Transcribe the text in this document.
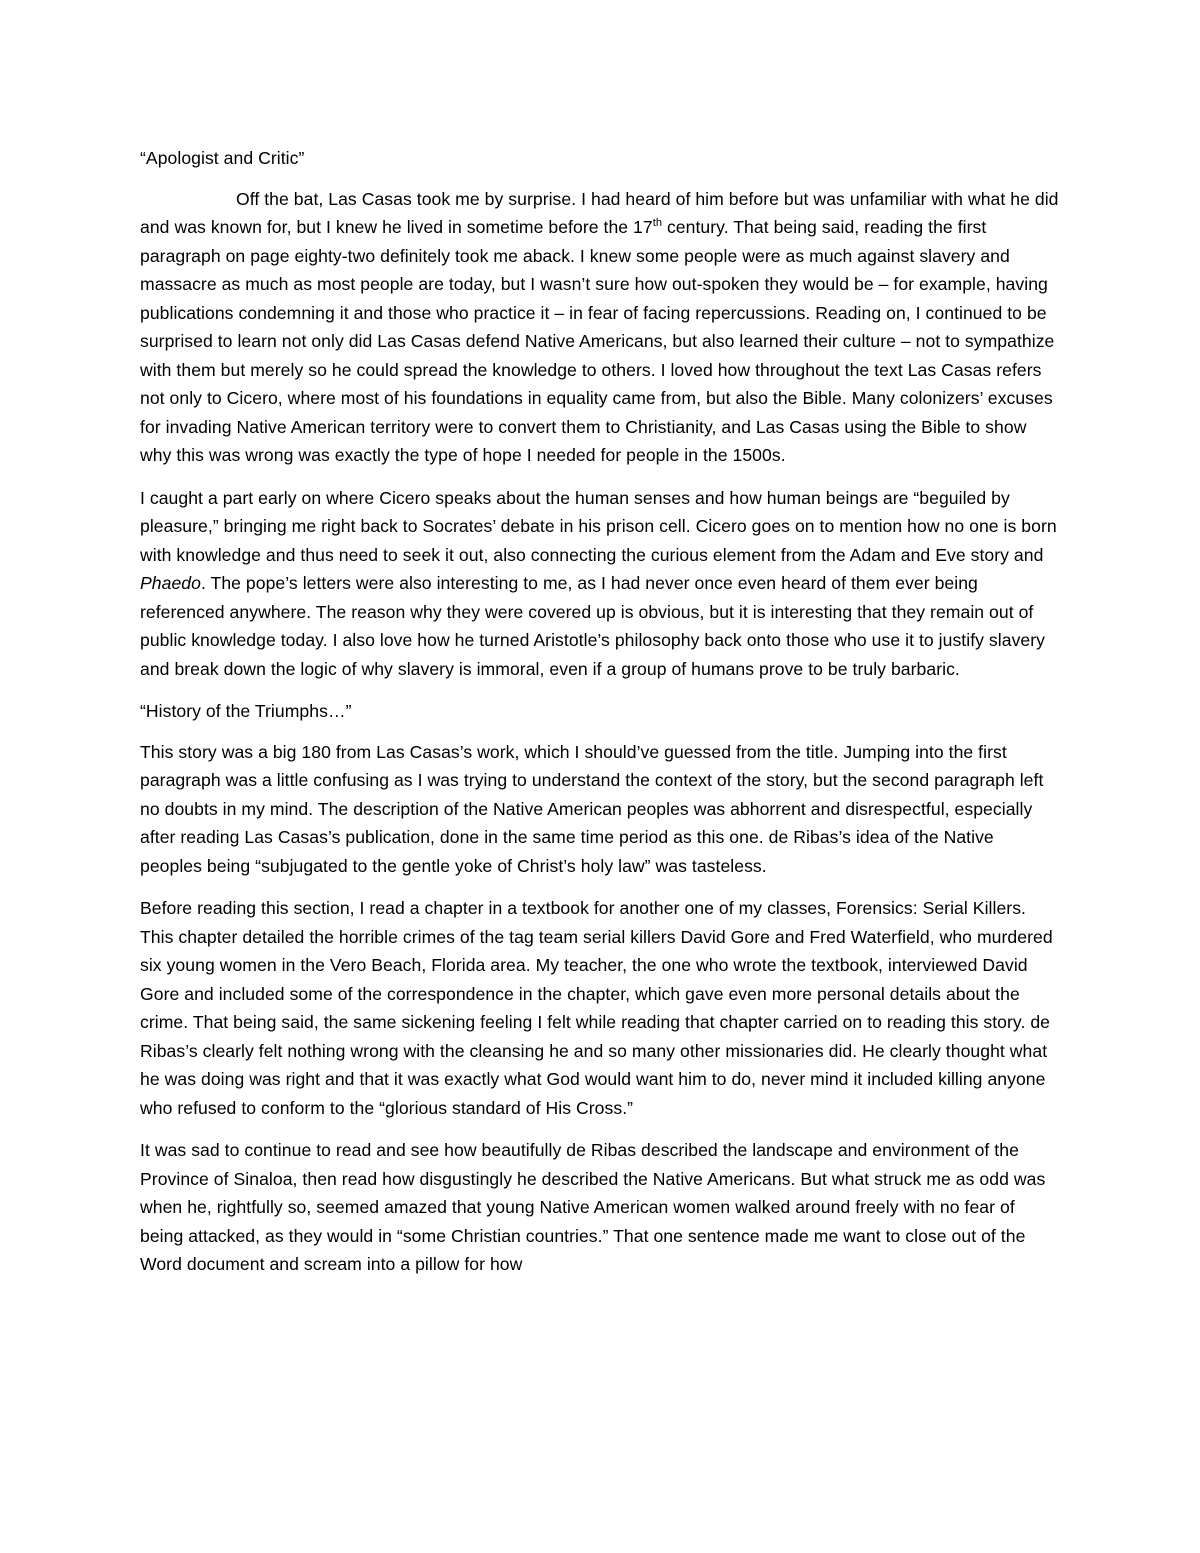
“Apologist and Critic”

Off the bat, Las Casas took me by surprise. I had heard of him before but was unfamiliar with what he did and was known for, but I knew he lived in sometime before the 17th century. That being said, reading the first paragraph on page eighty-two definitely took me aback. I knew some people were as much against slavery and massacre as much as most people are today, but I wasn’t sure how out-spoken they would be – for example, having publications condemning it and those who practice it – in fear of facing repercussions. Reading on, I continued to be surprised to learn not only did Las Casas defend Native Americans, but also learned their culture – not to sympathize with them but merely so he could spread the knowledge to others. I loved how throughout the text Las Casas refers not only to Cicero, where most of his foundations in equality came from, but also the Bible. Many colonizers’ excuses for invading Native American territory were to convert them to Christianity, and Las Casas using the Bible to show why this was wrong was exactly the type of hope I needed for people in the 1500s.

I caught a part early on where Cicero speaks about the human senses and how human beings are “beguiled by pleasure,” bringing me right back to Socrates’ debate in his prison cell. Cicero goes on to mention how no one is born with knowledge and thus need to seek it out, also connecting the curious element from the Adam and Eve story and Phaedo. The pope’s letters were also interesting to me, as I had never once even heard of them ever being referenced anywhere. The reason why they were covered up is obvious, but it is interesting that they remain out of public knowledge today. I also love how he turned Aristotle’s philosophy back onto those who use it to justify slavery and break down the logic of why slavery is immoral, even if a group of humans prove to be truly barbaric.

“History of the Triumphs…”

This story was a big 180 from Las Casas’s work, which I should’ve guessed from the title. Jumping into the first paragraph was a little confusing as I was trying to understand the context of the story, but the second paragraph left no doubts in my mind. The description of the Native American peoples was abhorrent and disrespectful, especially after reading Las Casas’s publication, done in the same time period as this one. de Ribas’s idea of the Native peoples being “subjugated to the gentle yoke of Christ’s holy law” was tasteless.

Before reading this section, I read a chapter in a textbook for another one of my classes, Forensics: Serial Killers. This chapter detailed the horrible crimes of the tag team serial killers David Gore and Fred Waterfield, who murdered six young women in the Vero Beach, Florida area. My teacher, the one who wrote the textbook, interviewed David Gore and included some of the correspondence in the chapter, which gave even more personal details about the crime. That being said, the same sickening feeling I felt while reading that chapter carried on to reading this story. de Ribas’s clearly felt nothing wrong with the cleansing he and so many other missionaries did. He clearly thought what he was doing was right and that it was exactly what God would want him to do, never mind it included killing anyone who refused to conform to the “glorious standard of His Cross.”

It was sad to continue to read and see how beautifully de Ribas described the landscape and environment of the Province of Sinaloa, then read how disgustingly he described the Native Americans. But what struck me as odd was when he, rightfully so, seemed amazed that young Native American women walked around freely with no fear of being attacked, as they would in “some Christian countries.” That one sentence made me want to close out of the Word document and scream into a pillow for how
